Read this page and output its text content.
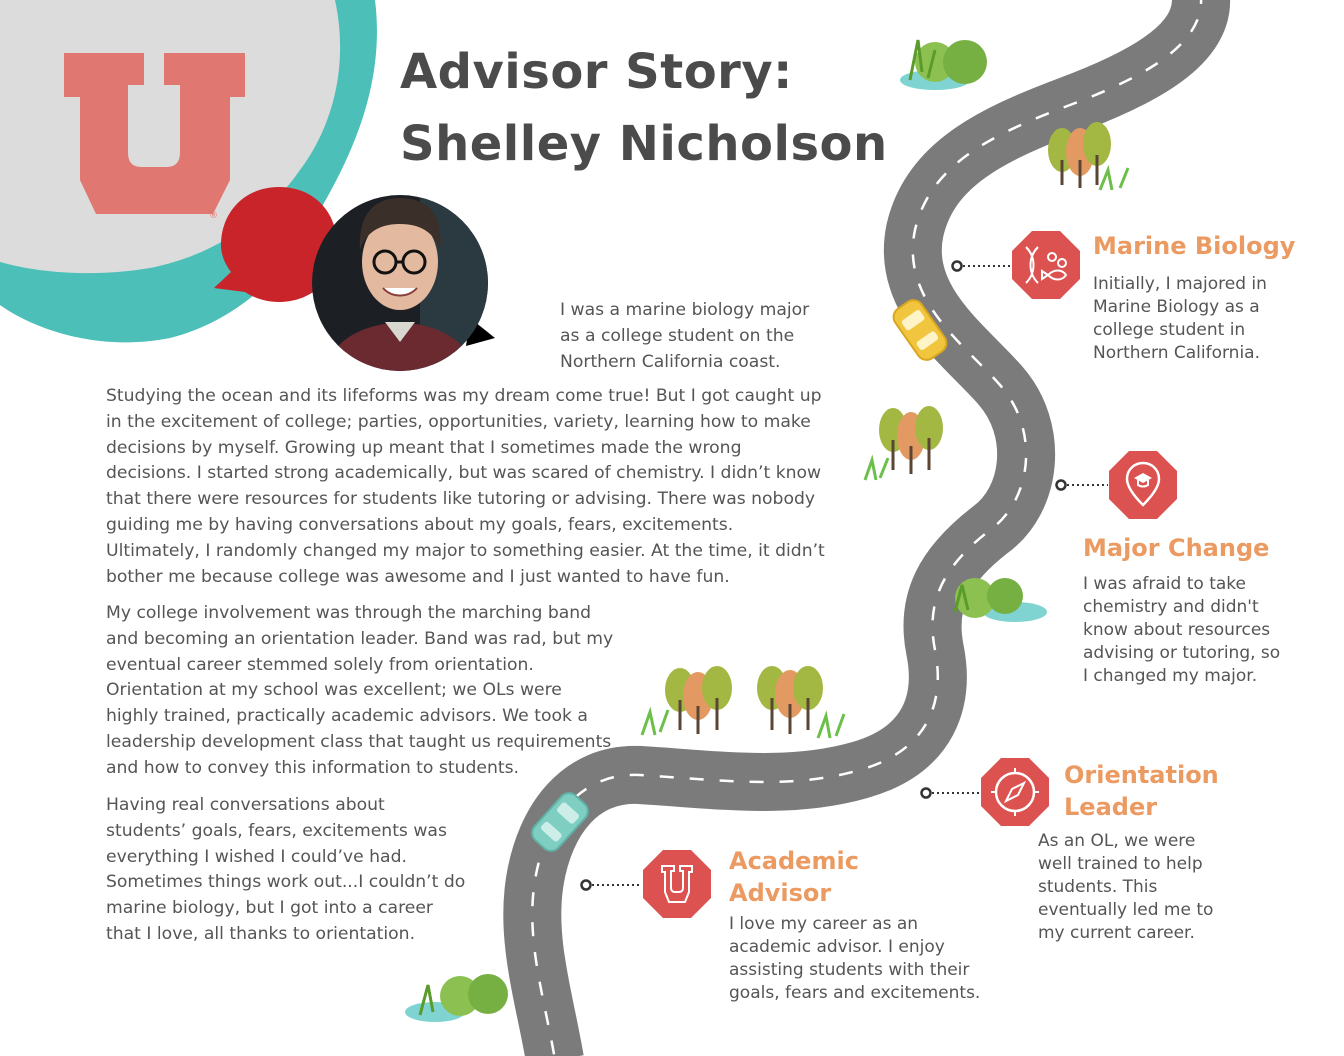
®
Advisor Story:
Shelley Nicholson

I was a marine biology major
as a college student on the
Northern California coast.

Studying the ocean and its lifeforms was my dream come true! But I got caught up
in the excitement of college; parties, opportunities, variety, learning how to make
decisions by myself. Growing up meant that I sometimes made the wrong
decisions. I started strong academically, but was scared of chemistry. I didn’t know
that there were resources for students like tutoring or advising. There was nobody
guiding me by having conversations about my goals, fears, excitements.
Ultimately, I randomly changed my major to something easier. At the time, it didn’t
bother me because college was awesome and I just wanted to have fun.

My college involvement was through the marching band
and becoming an orientation leader. Band was rad, but my
eventual career stemmed solely from orientation.
Orientation at my school was excellent; we OLs were
highly trained, practically academic advisors. We took a
leadership development class that taught us requirements
and how to convey this information to students.

Having real conversations about
students’ goals, fears, excitements was
everything I wished I could’ve had.
Sometimes things work out...I couldn’t do
marine biology, but I got into a career
that I love, all thanks to orientation.

Marine Biology

Initially, I majored in
Marine Biology as a
college student in
Northern California.

Major Change

I was afraid to take
chemistry and didn't
know about resources
advising or tutoring, so
I changed my major.

Orientation
Leader

As an OL, we were
well trained to help
students. This
eventually led me to
my current career.

Academic
Advisor

I love my career as an
academic advisor. I enjoy
assisting students with their
goals, fears and excitements.
